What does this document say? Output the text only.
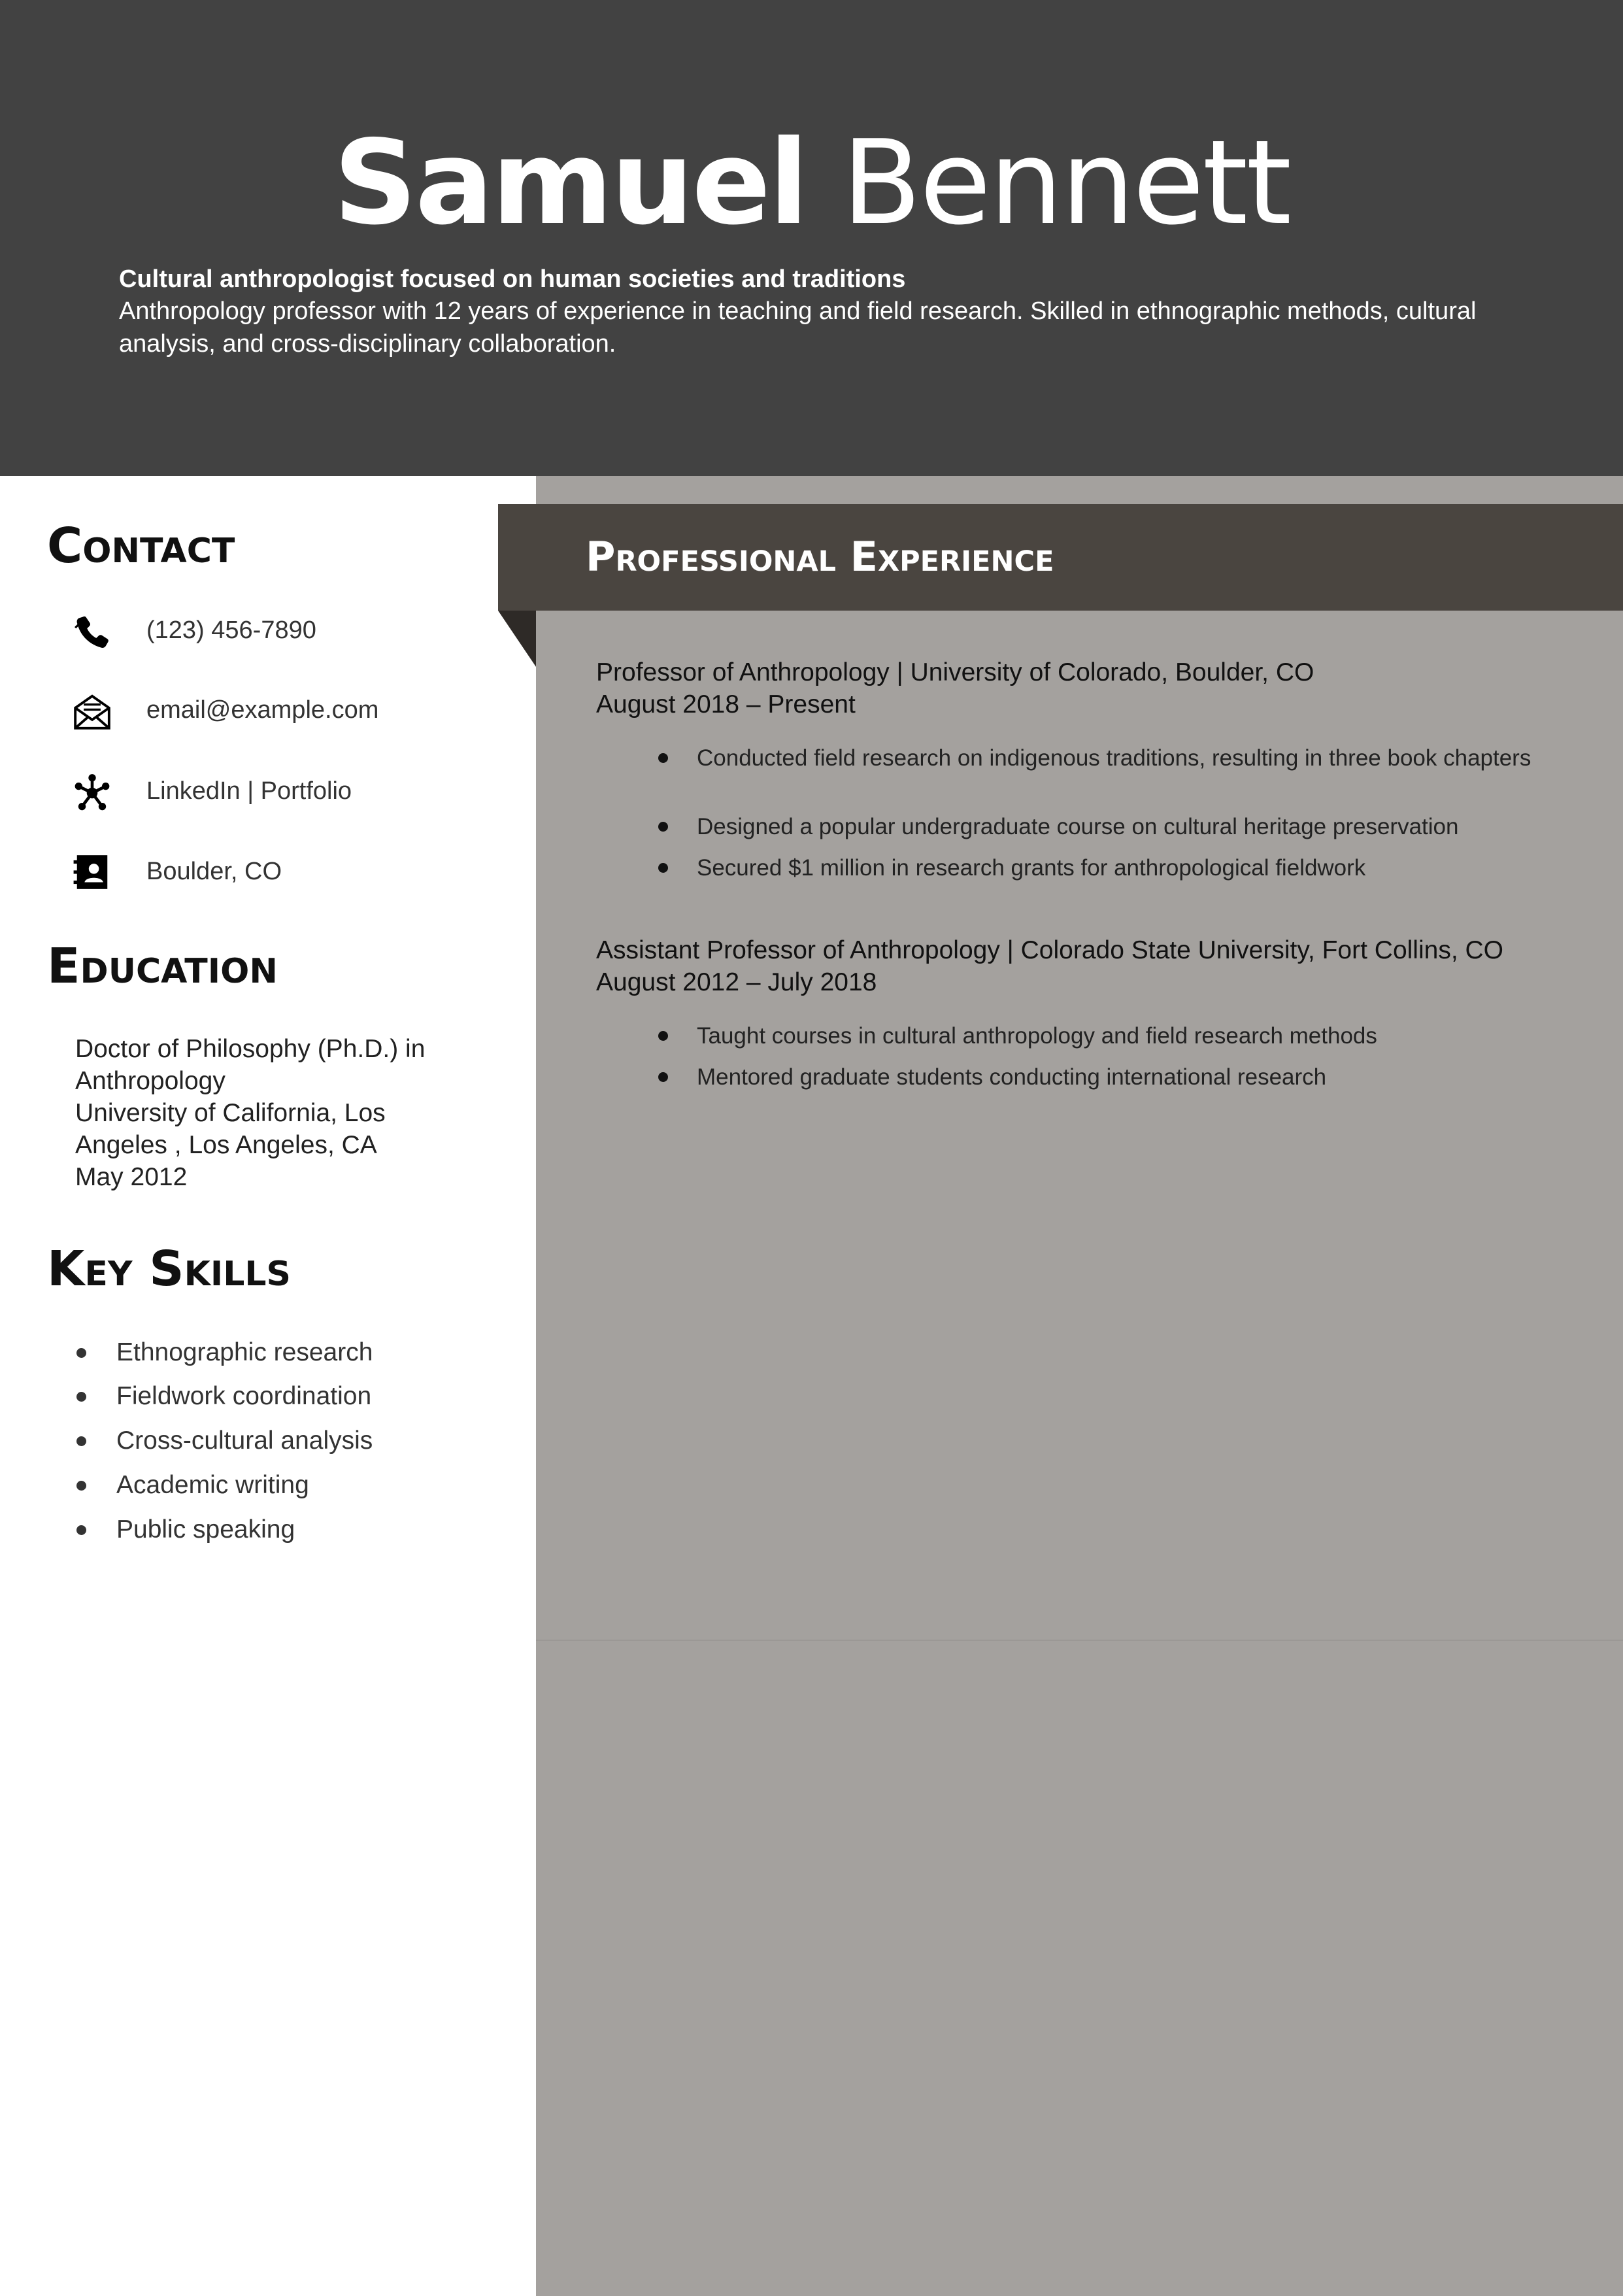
Samuel Bennett
Cultural anthropologist focused on human societies and traditions
Anthropology professor with 12 years of experience in teaching and field research. Skilled in ethnographic methods, cultural analysis, and cross-disciplinary collaboration.
Professional Experience
Contact
(123) 456-7890
email@example.com
LinkedIn | Portfolio
Boulder, CO
Education
Doctor of Philosophy (Ph.D.) in Anthropology
University of California, Los Angeles , Los Angeles, CA
May 2012
Key Skills
Ethnographic research
Fieldwork coordination
Cross-cultural analysis
Academic writing
Public speaking
Professor of Anthropology | University of Colorado, Boulder, CO
August 2018 – Present
Conducted field research on indigenous traditions, resulting in three book chapters
Designed a popular undergraduate course on cultural heritage preservation
Secured $1 million in research grants for anthropological fieldwork
Assistant Professor of Anthropology | Colorado State University, Fort Collins, CO
August 2012 – July 2018
Taught courses in cultural anthropology and field research methods
Mentored graduate students conducting international research
